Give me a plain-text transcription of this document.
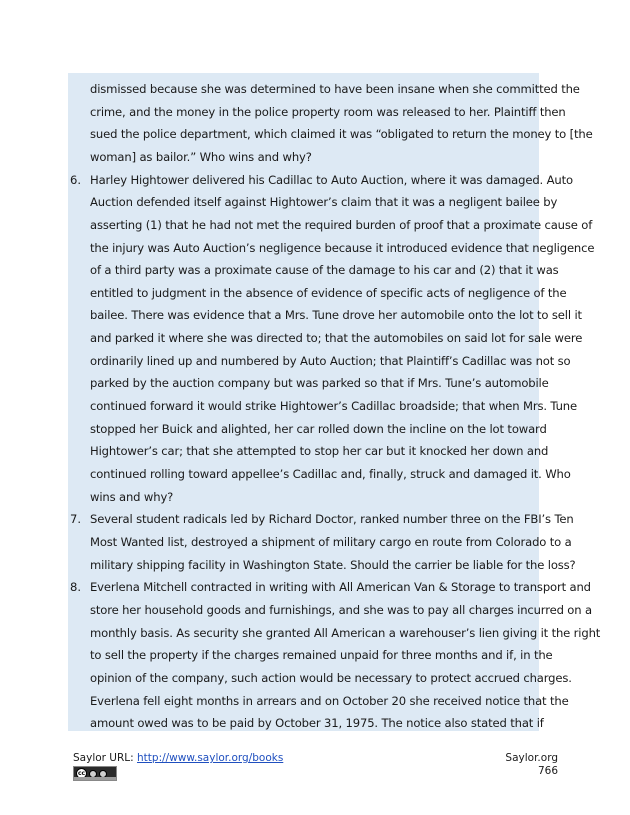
dismissed because she was determined to have been insane when she committed the
crime, and the money in the police property room was released to her. Plaintiff then
sued the police department, which claimed it was “obligated to return the money to [the
woman] as bailor.” Who wins and why?
6. Harley Hightower delivered his Cadillac to Auto Auction, where it was damaged. Auto
Auction defended itself against Hightower’s claim that it was a negligent bailee by
asserting (1) that he had not met the required burden of proof that a proximate cause of
the injury was Auto Auction’s negligence because it introduced evidence that negligence
of a third party was a proximate cause of the damage to his car and (2) that it was
entitled to judgment in the absence of evidence of specific acts of negligence of the
bailee. There was evidence that a Mrs. Tune drove her automobile onto the lot to sell it
and parked it where she was directed to; that the automobiles on said lot for sale were
ordinarily lined up and numbered by Auto Auction; that Plaintiff’s Cadillac was not so
parked by the auction company but was parked so that if Mrs. Tune’s automobile
continued forward it would strike Hightower’s Cadillac broadside; that when Mrs. Tune
stopped her Buick and alighted, her car rolled down the incline on the lot toward
Hightower’s car; that she attempted to stop her car but it knocked her down and
continued rolling toward appellee’s Cadillac and, finally, struck and damaged it. Who
wins and why?
7. Several student radicals led by Richard Doctor, ranked number three on the FBI’s Ten
Most Wanted list, destroyed a shipment of military cargo en route from Colorado to a
military shipping facility in Washington State. Should the carrier be liable for the loss?
8. Everlena Mitchell contracted in writing with All American Van & Storage to transport and
store her household goods and furnishings, and she was to pay all charges incurred on a
monthly basis. As security she granted All American a warehouser’s lien giving it the right
to sell the property if the charges remained unpaid for three months and if, in the
opinion of the company, such action would be necessary to protect accrued charges.
Everlena fell eight months in arrears and on October 20 she received notice that the
amount owed was to be paid by October 31, 1975. The notice also stated that if
Saylor URL: http://www.saylor.org/books
cc
Saylor.org
766
